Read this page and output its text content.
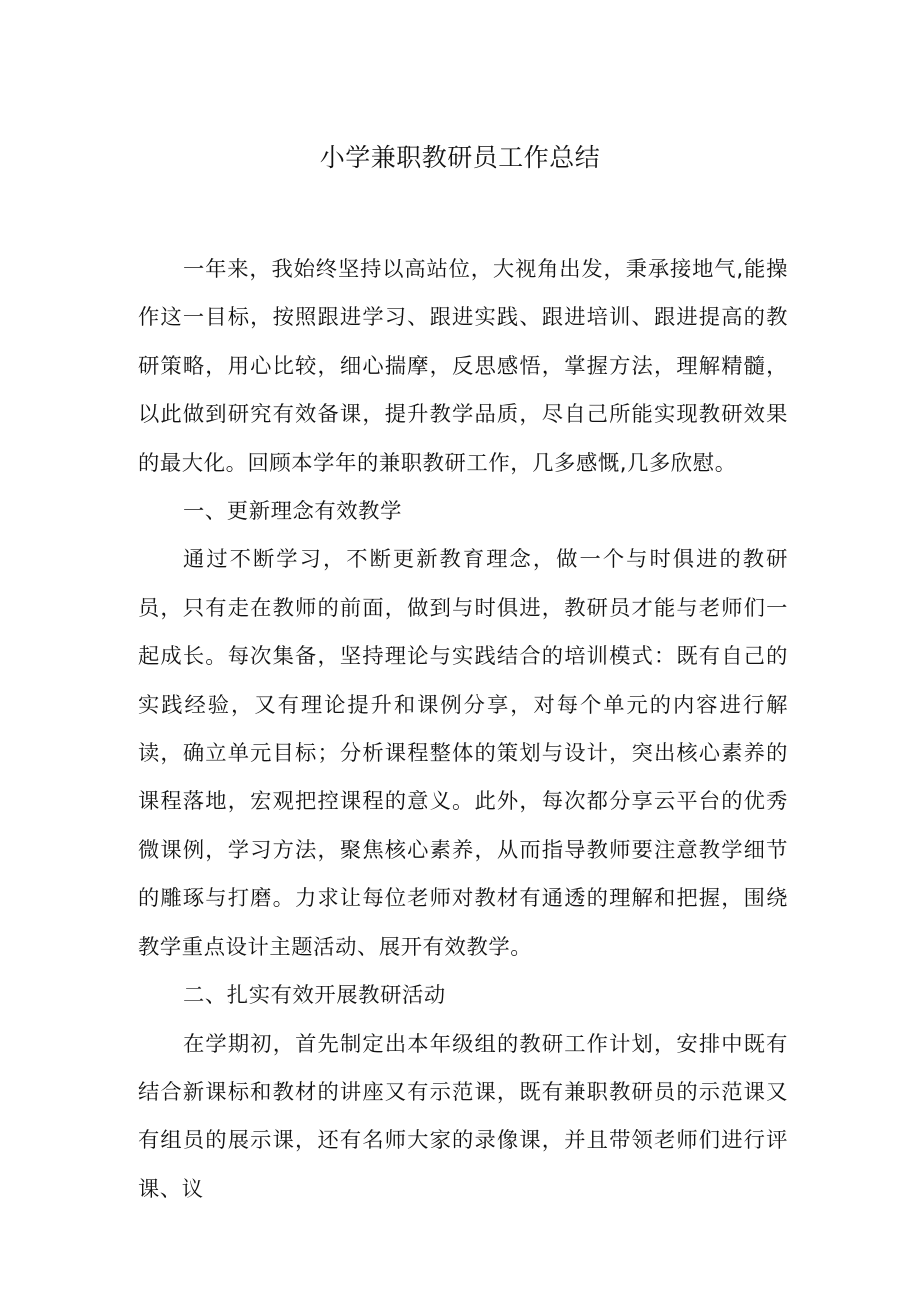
小学兼职教研员工作总结

一年来，我始终坚持以高站位，大视角出发，秉承接地气,能操作这一目标，按照跟进学习、跟进实践、跟进培训、跟进提高的教研策略，用心比较，细心揣摩，反思感悟，掌握方法，理解精髓，以此做到研究有效备课，提升教学品质，尽自己所能实现教研效果的最大化。回顾本学年的兼职教研工作，几多感慨,几多欣慰。

一、更新理念有效教学

通过不断学习，不断更新教育理念，做一个与时俱进的教研员，只有走在教师的前面，做到与时俱进，教研员才能与老师们一起成长。每次集备，坚持理论与实践结合的培训模式：既有自己的实践经验，又有理论提升和课例分享，对每个单元的内容进行解读，确立单元目标；分析课程整体的策划与设计，突出核心素养的课程落地，宏观把控课程的意义。此外，每次都分享云平台的优秀微课例，学习方法，聚焦核心素养，从而指导教师要注意教学细节的雕琢与打磨。力求让每位老师对教材有通透的理解和把握，围绕教学重点设计主题活动、展开有效教学。

二、扎实有效开展教研活动

在学期初，首先制定出本年级组的教研工作计划，安排中既有结合新课标和教材的讲座又有示范课，既有兼职教研员的示范课又有组员的展示课，还有名师大家的录像课，并且带领老师们进行评课、议
